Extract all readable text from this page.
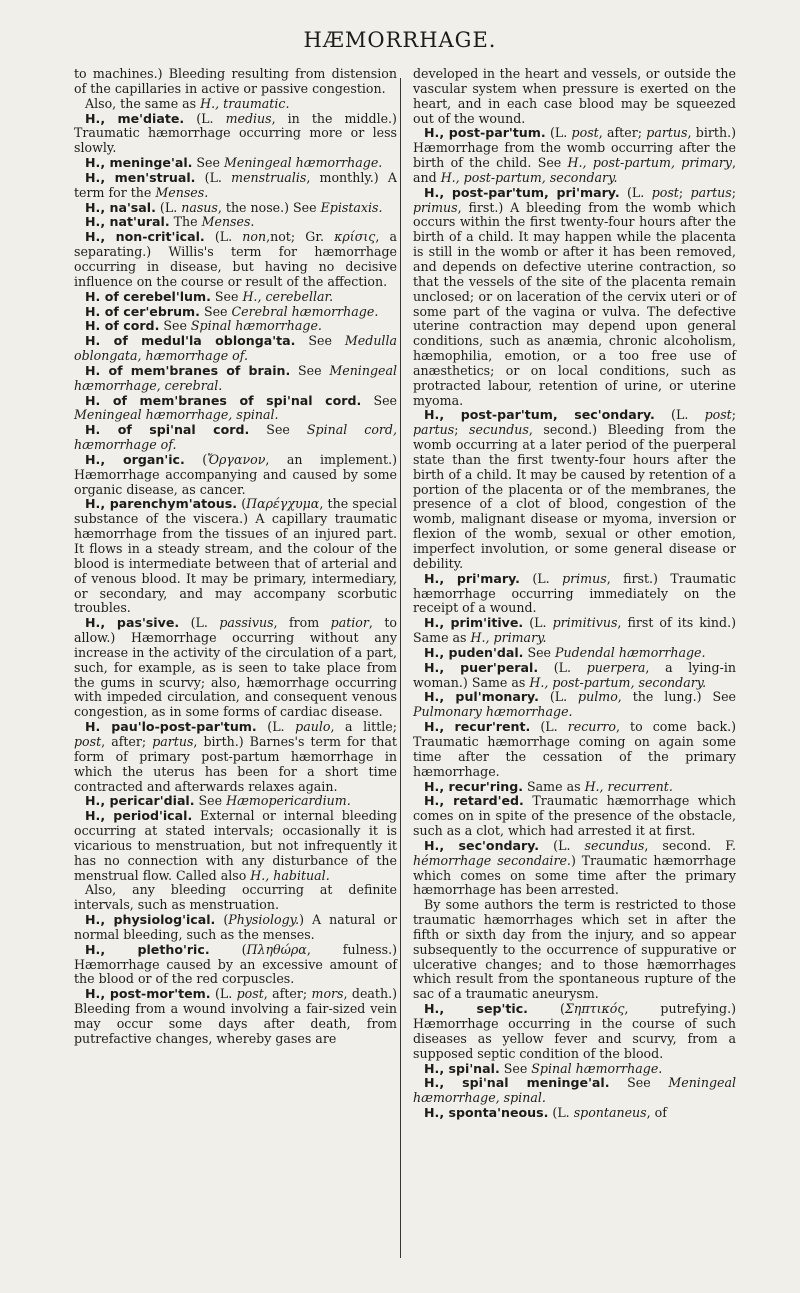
HÆMORRHAGE.

to machines.) Bleeding resulting from distension of the capillaries in active or passive congestion.

Also, the same as H., traumatic.

H., me'diate. (L. medius, in the middle.) Traumatic hæmorrhage occurring more or less slowly.

H., meninge'al. See Meningeal hæmorrhage.

H., men'strual. (L. menstrualis, monthly.) A term for the Menses.

H., na'sal. (L. nasus, the nose.) See Epistaxis.

H., nat'ural. The Menses.

H., non-crit'ical. (L. non,not; Gr. κρίσις, a separating.) Willis's term for hæmorrhage occurring in disease, but having no decisive influence on the course or result of the affection.

H. of cerebel'lum. See H., cerebellar.

H. of cer'ebrum. See Cerebral hæmorrhage.

H. of cord. See Spinal hæmorrhage.

H. of medul'la oblonga'ta. See Medulla oblongata, hæmorrhage of.

H. of mem'branes of brain. See Meningeal hæmorrhage, cerebral.

H. of mem'branes of spi'nal cord. See Meningeal hæmorrhage, spinal.

H. of spi'nal cord. See Spinal cord, hæmorrhage of.

H., organ'ic. (Ὄργανον, an implement.) Hæmorrhage accompanying and caused by some organic disease, as cancer.

H., parenchym'atous. (Παρέγχυμα, the special substance of the viscera.) A capillary traumatic hæmorrhage from the tissues of an injured part. It flows in a steady stream, and the colour of the blood is intermediate between that of arterial and of venous blood. It may be primary, intermediary, or secondary, and may accompany scorbutic troubles.

H., pas'sive. (L. passivus, from patior, to allow.) Hæmorrhage occurring without any increase in the activity of the circulation of a part, such, for example, as is seen to take place from the gums in scurvy; also, hæmorrhage occurring with impeded circulation, and consequent venous congestion, as in some forms of cardiac disease.

H. pau'lo-post-par'tum. (L. paulo, a little; post, after; partus, birth.) Barnes's term for that form of primary post-partum hæmorrhage in which the uterus has been for a short time contracted and afterwards relaxes again.

H., pericar'dial. See Hæmopericardium.

H., period'ical. External or internal bleeding occurring at stated intervals; occasionally it is vicarious to menstruation, but not infrequently it has no connection with any disturbance of the menstrual flow. Called also H., habitual.

Also, any bleeding occurring at definite intervals, such as menstruation.

H., physiolog'ical. (Physiology.) A natural or normal bleeding, such as the menses.

H., pletho'ric. (Πληθώρα, fulness.) Hæmorrhage caused by an excessive amount of the blood or of the red corpuscles.

H., post-mor'tem. (L. post, after; mors, death.) Bleeding from a wound involving a fair-sized vein may occur some days after death, from putrefactive changes, whereby gases are

developed in the heart and vessels, or outside the vascular system when pressure is exerted on the heart, and in each case blood may be squeezed out of the wound.

H., post-par'tum. (L. post, after; partus, birth.) Hæmorrhage from the womb occurring after the birth of the child. See H., post-partum, primary, and H., post-partum, secondary.

H., post-par'tum, pri'mary. (L. post; partus; primus, first.) A bleeding from the womb which occurs within the first twenty-four hours after the birth of a child. It may happen while the placenta is still in the womb or after it has been removed, and depends on defective uterine contraction, so that the vessels of the site of the placenta remain unclosed; or on laceration of the cervix uteri or of some part of the vagina or vulva. The defective uterine contraction may depend upon general conditions, such as anæmia, chronic alcoholism, hæmophilia, emotion, or a too free use of anæsthetics; or on local conditions, such as protracted labour, retention of urine, or uterine myoma.

H., post-par'tum, sec'ondary. (L. post; partus; secundus, second.) Bleeding from the womb occurring at a later period of the puerperal state than the first twenty-four hours after the birth of a child. It may be caused by retention of a portion of the placenta or of the membranes, the presence of a clot of blood, congestion of the womb, malignant disease or myoma, inversion or flexion of the womb, sexual or other emotion, imperfect involution, or some general disease or debility.

H., pri'mary. (L. primus, first.) Traumatic hæmorrhage occurring immediately on the receipt of a wound.

H., prim'itive. (L. primitivus, first of its kind.) Same as H., primary.

H., puden'dal. See Pudendal hæmorrhage.

H., puer'peral. (L. puerpera, a lying-in woman.) Same as H., post-partum, secondary.

H., pul'monary. (L. pulmo, the lung.) See Pulmonary hæmorrhage.

H., recur'rent. (L. recurro, to come back.) Traumatic hæmorrhage coming on again some time after the cessation of the primary hæmorrhage.

H., recur'ring. Same as H., recurrent.

H., retard'ed. Traumatic hæmorrhage which comes on in spite of the presence of the obstacle, such as a clot, which had arrested it at first.

H., sec'ondary. (L. secundus, second. F. hémorrhage secondaire.) Traumatic hæmorrhage which comes on some time after the primary hæmorrhage has been arrested.

By some authors the term is restricted to those traumatic hæmorrhages which set in after the fifth or sixth day from the injury, and so appear subsequently to the occurrence of suppurative or ulcerative changes; and to those hæmorrhages which result from the spontaneous rupture of the sac of a traumatic aneurysm.

H., sep'tic. (Σηπτικός, putrefying.) Hæmorrhage occurring in the course of such diseases as yellow fever and scurvy, from a supposed septic condition of the blood.

H., spi'nal. See Spinal hæmorrhage.

H., spi'nal meninge'al. See Meningeal hæmorrhage, spinal.

H., sponta'neous. (L. spontaneus, of
